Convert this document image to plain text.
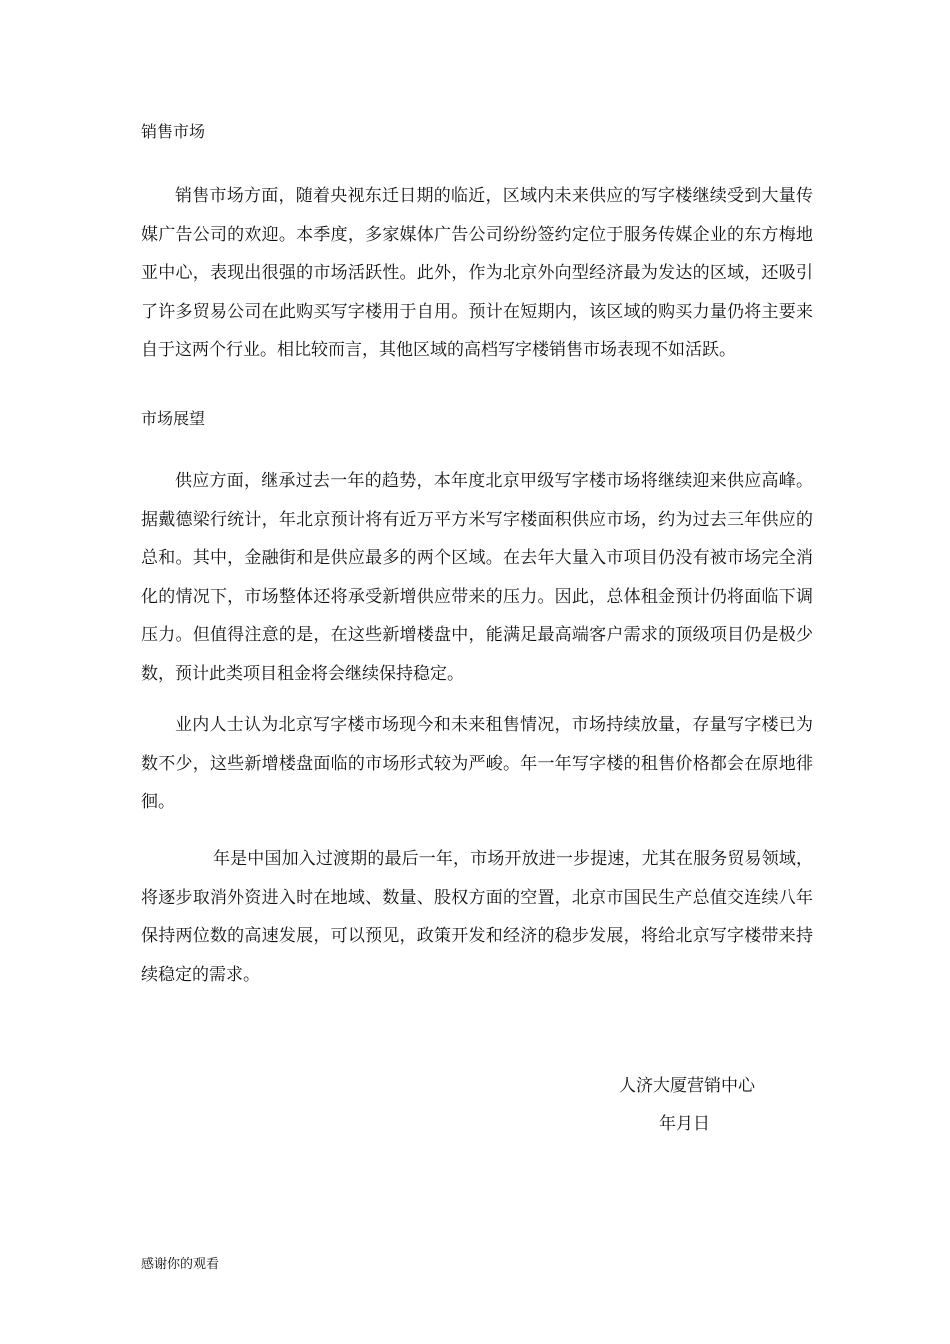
销售市场

销售市场方面，随着央视东迁日期的临近，区域内未来供应的写字楼继续受到大量传媒广告公司的欢迎。本季度，多家媒体广告公司纷纷签约定位于服务传媒企业的东方梅地亚中心，表现出很强的市场活跃性。此外，作为北京外向型经济最为发达的区域，还吸引了许多贸易公司在此购买写字楼用于自用。预计在短期内，该区域的购买力量仍将主要来自于这两个行业。相比较而言，其他区域的高档写字楼销售市场表现不如活跃。

市场展望

供应方面，继承过去一年的趋势，本年度北京甲级写字楼市场将继续迎来供应高峰。据戴德梁行统计，年北京预计将有近万平方米写字楼面积供应市场，约为过去三年供应的总和。其中，金融街和是供应最多的两个区域。在去年大量入市项目仍没有被市场完全消化的情况下，市场整体还将承受新增供应带来的压力。因此，总体租金预计仍将面临下调压力。但值得注意的是，在这些新增楼盘中，能满足最高端客户需求的顶级项目仍是极少数，预计此类项目租金将会继续保持稳定。

业内人士认为北京写字楼市场现今和未来租售情况，市场持续放量，存量写字楼已为数不少，这些新增楼盘面临的市场形式较为严峻。年一年写字楼的租售价格都会在原地徘徊。

年是中国加入过渡期的最后一年，市场开放进一步提速，尤其在服务贸易领域，将逐步取消外资进入时在地域、数量、股权方面的空置，北京市国民生产总值交连续八年保持两位数的高速发展，可以预见，政策开发和经济的稳步发展，将给北京写字楼带来持续稳定的需求。

人济大厦营销中心

年月日

感谢你的观看
